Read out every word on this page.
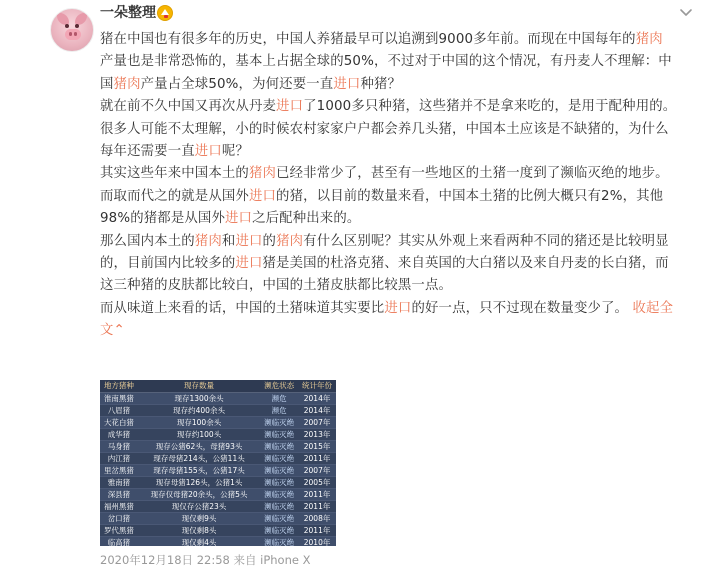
一朵整理
猪在中国也有很多年的历史，中国人养猪最早可以追溯到9000多年前。而现在中国每年的猪肉
产量也是非常恐怖的，基本上占据全球的50%，不过对于中国的这个情况，有丹麦人不理解：中
国猪肉产量占全球50%，为何还要一直进口种猪？
就在前不久中国又再次从丹麦进口了1000多只种猪，这些猪并不是拿来吃的，是用于配种用的。
很多人可能不太理解，小的时候农村家家户户都会养几头猪，中国本土应该是不缺猪的，为什么
每年还需要一直进口呢？
其实这些年来中国本土的猪肉已经非常少了，甚至有一些地区的土猪一度到了濒临灭绝的地步。
而取而代之的就是从国外进口的猪，以目前的数量来看，中国本土猪的比例大概只有2%，其他
98%的猪都是从国外进口之后配种出来的。
那么国内本土的猪肉和进口的猪肉有什么区别呢？其实从外观上来看两种不同的猪还是比较明显
的，目前国内比较多的进口猪是美国的杜洛克猪、来自英国的大白猪以及来自丹麦的长白猪，而
这三种猪的皮肤都比较白，中国的土猪皮肤都比较黑一点。
而从味道上来看的话，中国的土猪味道其实要比进口的好一点，只不过现在数量变少了。 收起全
文⌃
地方猪种	现存数量	濒危状态	统计年份
淮南黑猪	现存1300余头	濒危	2014年
八眉猪	现存约400余头	濒危	2014年
大花白猪	现存100余头	濒临灭绝	2007年
成华猪	现存约100头	濒临灭绝	2013年
马身猪	现存公猪62头，母猪93头	濒临灭绝	2015年
内江猪	现存母猪214头，公猪11头	濒临灭绝	2011年
里岔黑猪	现存母猪155头，公猪17头	濒临灭绝	2007年
雅南猪	现存母猪126头，公猪1头	濒临灭绝	2005年
深县猪	现存仅母猪20余头，公猪5头	濒临灭绝	2011年
福州黑猪	现仅存公猪23头	濒临灭绝	2011年
岔口猪	现仅剩9头	濒临灭绝	2008年
罗代黑猪	现仅剩8头	濒临灭绝	2011年
临高猪	现仅剩4头	濒临灭绝	2010年
2020年12月18日 22:58 来自 iPhone X
